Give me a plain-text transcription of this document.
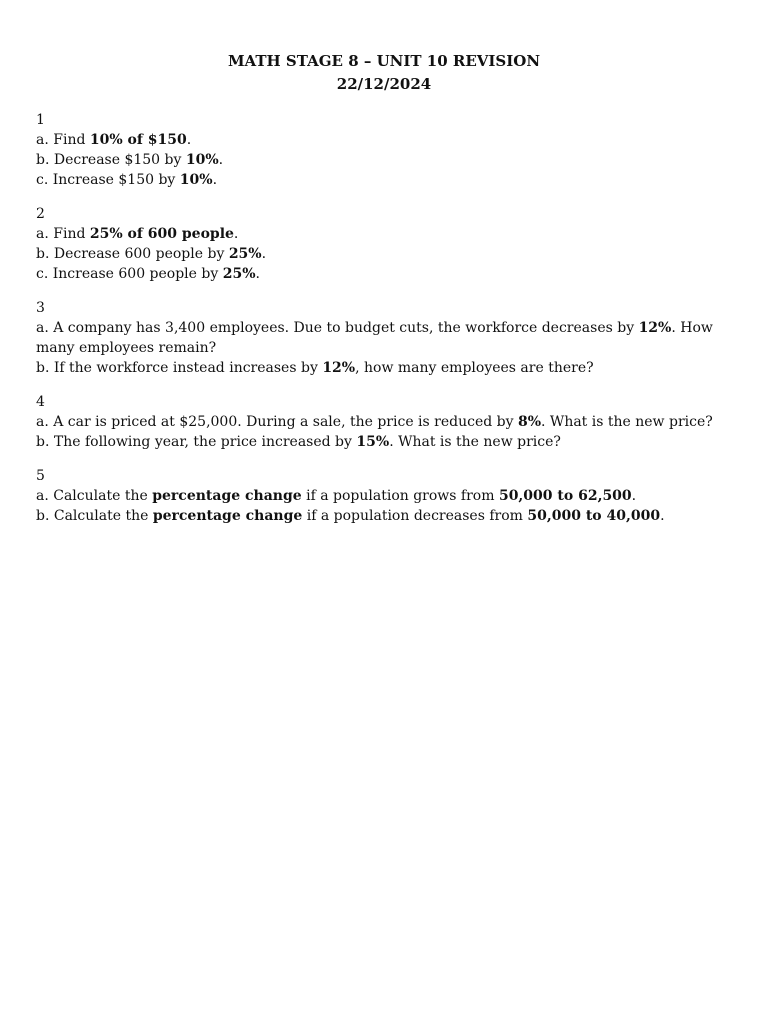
MATH STAGE 8 – UNIT 10 REVISION

22/12/2024

1
a. Find 10% of $150.
b. Decrease $150 by 10%.
c. Increase $150 by 10%.
2
a. Find 25% of 600 people.
b. Decrease 600 people by 25%.
c. Increase 600 people by 25%.
3
a. A company has 3,400 employees. Due to budget cuts, the workforce decreases by 12%. How many employees remain?
b. If the workforce instead increases by 12%, how many employees are there?
4
a. A car is priced at $25,000. During a sale, the price is reduced by 8%. What is the new price?
b. The following year, the price increased by 15%. What is the new price?
5
a. Calculate the percentage change if a population grows from 50,000 to 62,500.
b. Calculate the percentage change if a population decreases from 50,000 to 40,000.
